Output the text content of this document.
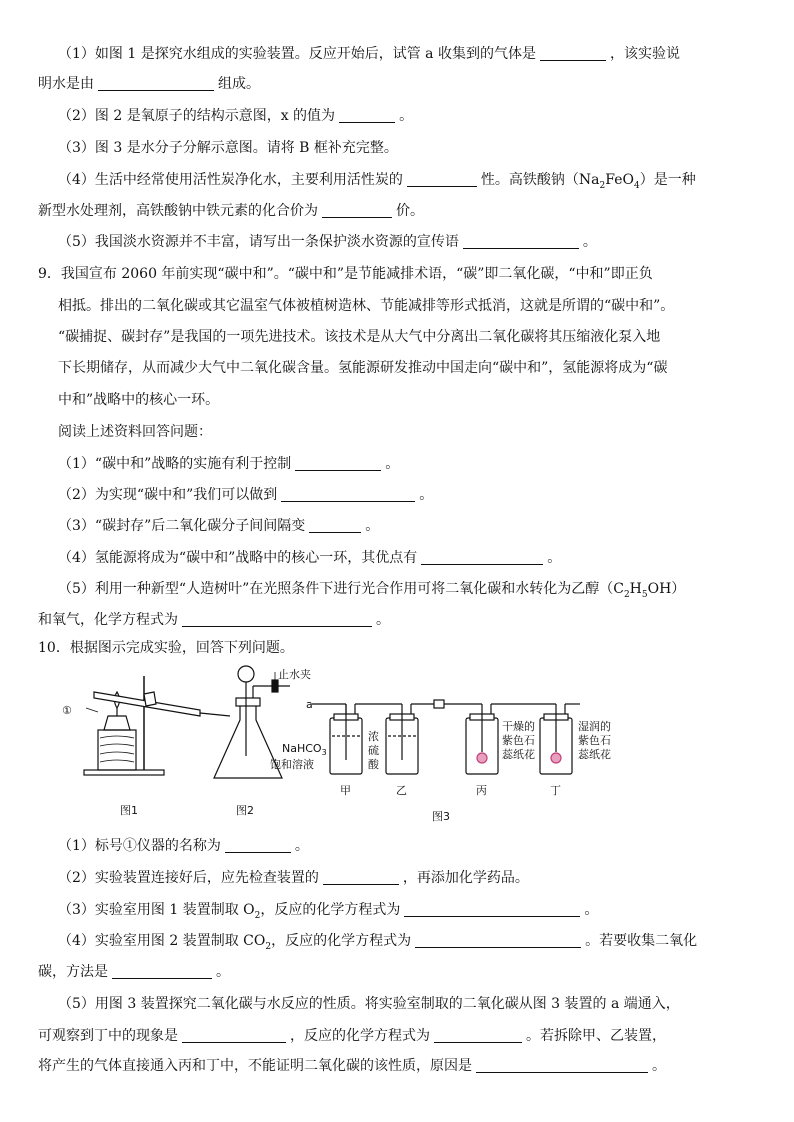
（1）如图 1 是探究水组成的实验装置。反应开始后，试管 a 收集到的气体是	，该实验说
明水是由	组成。
（2）图 2 是氧原子的结构示意图，x 的值为	。
（3）图 3 是水分子分解示意图。请将 B 框补充完整。
（4）生活中经常使用活性炭净化水，主要利用活性炭的	性。高铁酸钠$(Na_2FeO_4)$是一种
新型水处理剂，高铁酸钠中铁元素的化合价为	价。
（5）我国淡水资源并不丰富，请写出一条保护淡水资源的宣传语	。
9．我国宣布 2060 年前实现“碳中和”。“碳中和”是节能减排术语，“碳”即二氧化碳，“中和”即正负
相抵。排出的二氧化碳或其它温室气体被植树造林、节能减排等形式抵消，这就是所谓的“碳中和”。
“碳捕捉、碳封存”是我国的一项先进技术。该技术是从大气中分离出二氧化碳将其压缩液化泵入地
下长期储存，从而减少大气中二氧化碳含量。氢能源研发推动中国走向“碳中和”，氢能源将成为“碳
中和”战略中的核心一环。
阅读上述资料回答问题：
（1）“碳中和”战略的实施有利于控制	。
（2）为实现“碳中和”我们可以做到	。
（3）“碳封存”后二氧化碳分子间间隔变	。
（4）氢能源将成为“碳中和”战略中的核心一环，其优点有	。
（5）利用一种新型“人造树叶”在光照条件下进行光合作用可将二氧化碳和水转化为乙醇$(C_2H_5OH)$
和氧气，化学方程式为	。
10．根据图示完成实验，回答下列问题。
①
图1
止水夹
图2
a
NaHCO$_3$
饱和溶液
浓
硫
酸
干燥的
紫色石
蕊纸花
湿润的
紫色石
蕊纸花
甲	乙	丙	丁
图3
（1）标号①仪器的名称为	。
（2）实验装置连接好后，应先检查装置的	，再添加化学药品。
（3）实验室用图 1 装置制取 $O_2$，反应的化学方程式为	。
（4）实验室用图 2 装置制取 $CO_2$，反应的化学方程式为	。若要收集二氧化
碳，方法是	。
（5）用图 3 装置探究二氧化碳与水反应的性质。将实验室制取的二氧化碳从图 3 装置的 a 端通入，
可观察到丁中的现象是	，反应的化学方程式为	。若拆除甲、乙装置，
将产生的气体直接通入丙和丁中，不能证明二氧化碳的该性质，原因是	。
